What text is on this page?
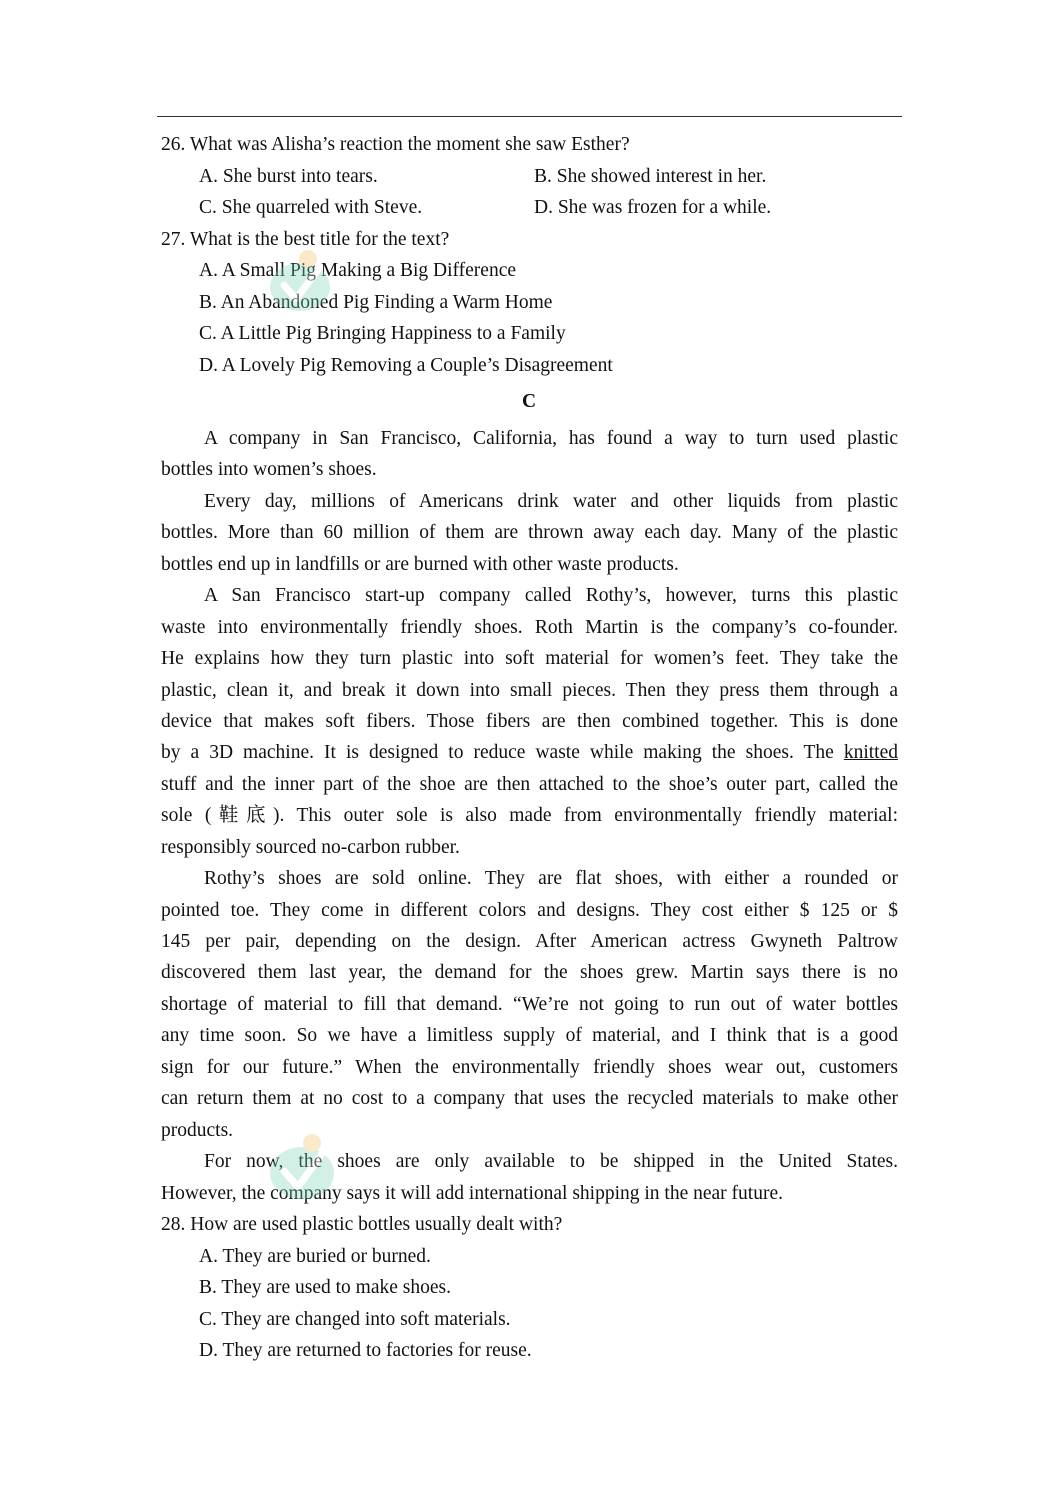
26. What was Alisha’s reaction the moment she saw Esther?
A. She burst into tears.	B. She showed interest in her.
C. She quarreled with Steve.	D. She was frozen for a while.
27. What is the best title for the text?
A. A Small Pig Making a Big Difference
B. An Abandoned Pig Finding a Warm Home
C. A Little Pig Bringing Happiness to a Family
D. A Lovely Pig Removing a Couple’s Disagreement
C
A company in San Francisco, California, has found a way to turn used plastic
bottles into women’s shoes.
Every day, millions of Americans drink water and other liquids from plastic
bottles. More than 60 million of them are thrown away each day. Many of the plastic
bottles end up in landfills or are burned with other waste products.
A San Francisco start-up company called Rothy’s, however, turns this plastic
waste into environmentally friendly shoes. Roth Martin is the company’s co-founder.
He explains how they turn plastic into soft material for women’s feet. They take the
plastic, clean it, and break it down into small pieces. Then they press them through a
device that makes soft fibers. Those fibers are then combined together. This is done
by a 3D machine. It is designed to reduce waste while making the shoes. The knitted
stuff and the inner part of the shoe are then attached to the shoe’s outer part, called the
sole (鞋底). This outer sole is also made from environmentally friendly material:
responsibly sourced no-carbon rubber.
Rothy’s shoes are sold online. They are flat shoes, with either a rounded or
pointed toe. They come in different colors and designs. They cost either $ 125 or $
145 per pair, depending on the design. After American actress Gwyneth Paltrow
discovered them last year, the demand for the shoes grew. Martin says there is no
shortage of material to fill that demand. “We’re not going to run out of water bottles
any time soon. So we have a limitless supply of material, and I think that is a good
sign for our future.” When the environmentally friendly shoes wear out, customers
can return them at no cost to a company that uses the recycled materials to make other
products.
For now, the shoes are only available to be shipped in the United States.
However, the company says it will add international shipping in the near future.
28. How are used plastic bottles usually dealt with?
A. They are buried or burned.
B. They are used to make shoes.
C. They are changed into soft materials.
D. They are returned to factories for reuse.
